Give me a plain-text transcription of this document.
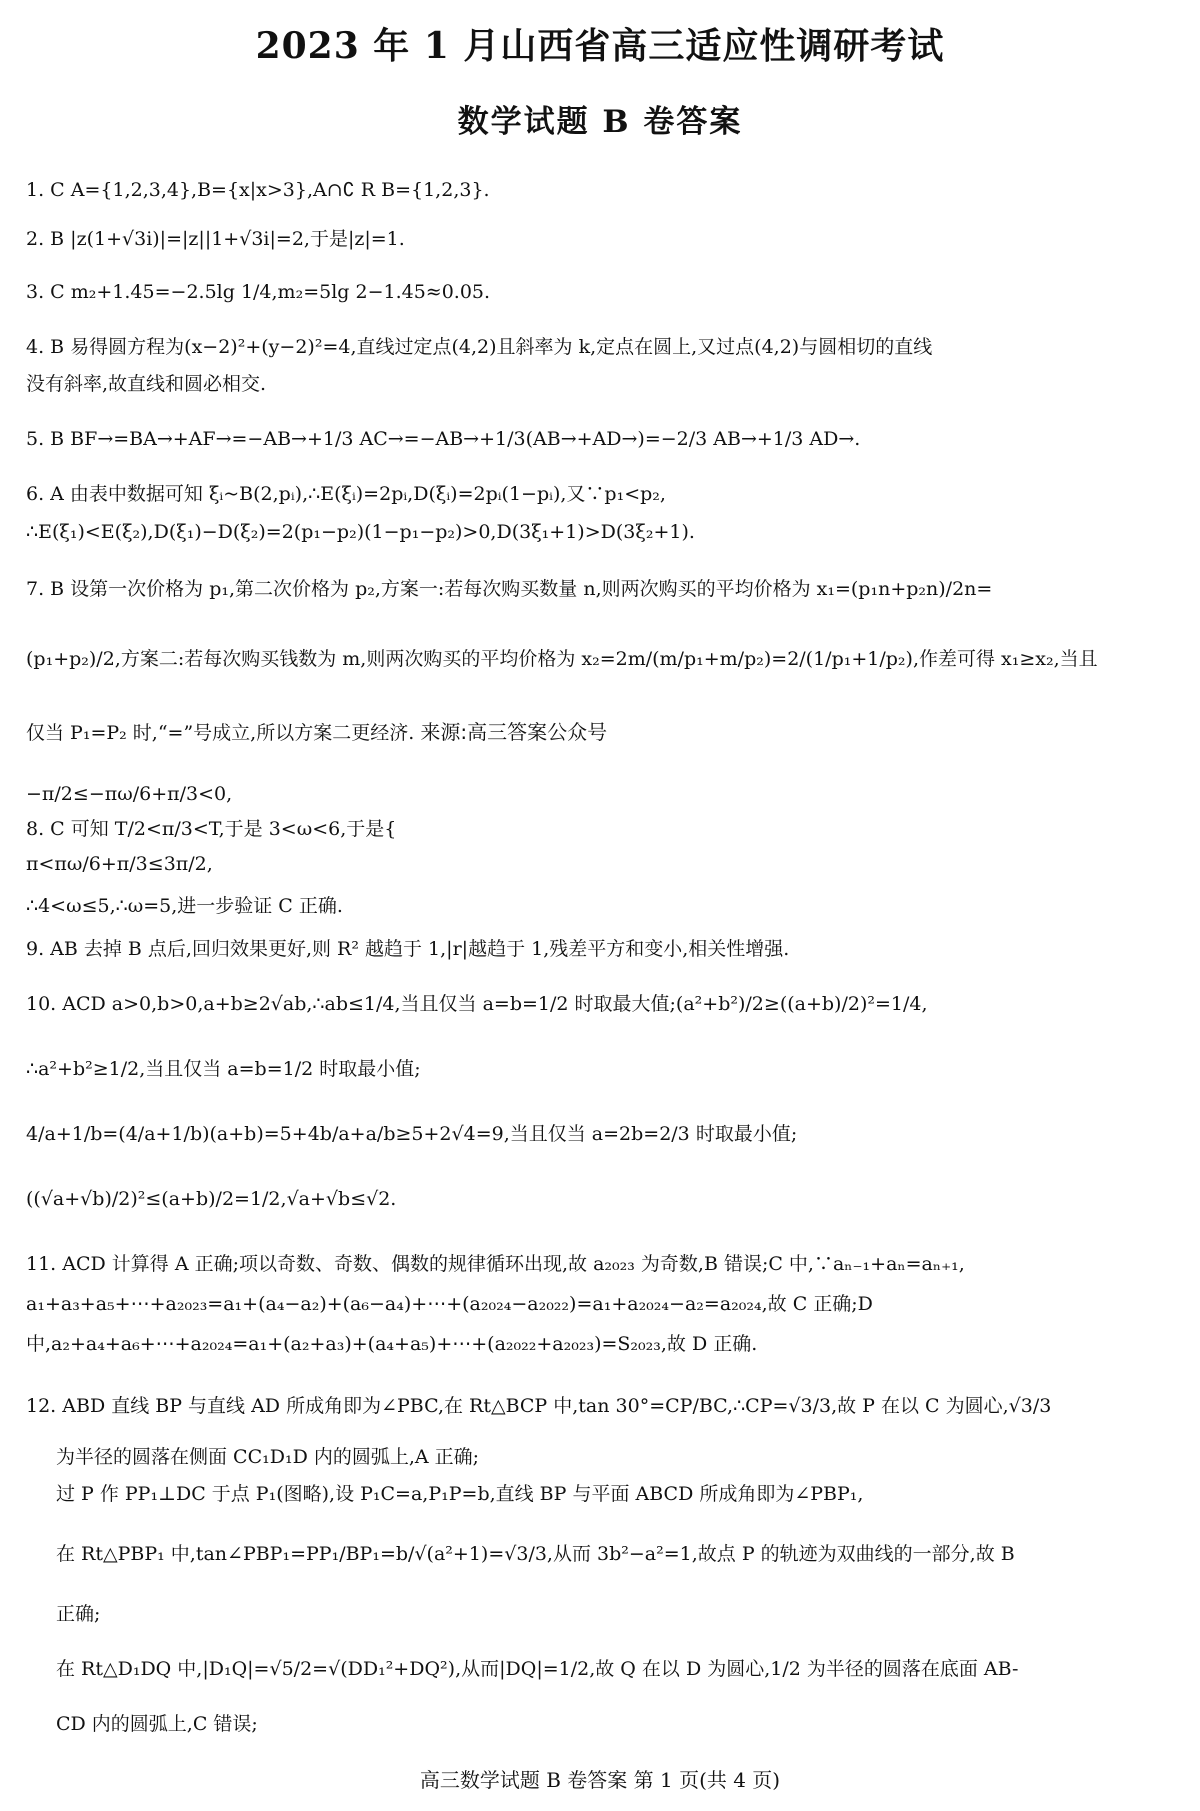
2023 年 1 月山西省高三适应性调研考试
数学试题 B 卷答案
1. C A={1,2,3,4},B={x|x>3},A∩∁ R B={1,2,3}.
2. B |z(1+√3i)|=|z||1+√3i|=2,于是|z|=1.
3. C m₂+1.45=−2.5lg 1/4,m₂=5lg 2−1.45≈0.05.
4. B 易得圆方程为(x−2)²+(y−2)²=4,直线过定点(4,2)且斜率为 k,定点在圆上,又过点(4,2)与圆相切的直线
没有斜率,故直线和圆必相交.
5. B BF→=BA→+AF→=−AB→+1/3 AC→=−AB→+1/3(AB→+AD→)=−2/3 AB→+1/3 AD→.
6. A 由表中数据可知 ξᵢ~B(2,pᵢ),∴E(ξᵢ)=2pᵢ,D(ξᵢ)=2pᵢ(1−pᵢ),又∵p₁<p₂,
∴E(ξ₁)<E(ξ₂),D(ξ₁)−D(ξ₂)=2(p₁−p₂)(1−p₁−p₂)>0,D(3ξ₁+1)>D(3ξ₂+1).
7. B 设第一次价格为 p₁,第二次价格为 p₂,方案一:若每次购买数量 n,则两次购买的平均价格为 x₁=(p₁n+p₂n)/2n=
(p₁+p₂)/2,方案二:若每次购买钱数为 m,则两次购买的平均价格为 x₂=2m/(m/p₁+m/p₂)=2/(1/p₁+1/p₂),作差可得 x₁≥x₂,当且
仅当 P₁=P₂ 时,“=”号成立,所以方案二更经济. 来源:高三答案公众号
−π/2≤−πω/6+π/3<0,
8. C 可知 T/2<π/3<T,于是 3<ω<6,于是{
π<πω/6+π/3≤3π/2,
∴4<ω≤5,∴ω=5,进一步验证 C 正确.
9. AB 去掉 B 点后,回归效果更好,则 R² 越趋于 1,|r|越趋于 1,残差平方和变小,相关性增强.
10. ACD a>0,b>0,a+b≥2√ab,∴ab≤1/4,当且仅当 a=b=1/2 时取最大值;(a²+b²)/2≥((a+b)/2)²=1/4,
∴a²+b²≥1/2,当且仅当 a=b=1/2 时取最小值;
4/a+1/b=(4/a+1/b)(a+b)=5+4b/a+a/b≥5+2√4=9,当且仅当 a=2b=2/3 时取最小值;
((√a+√b)/2)²≤(a+b)/2=1/2,√a+√b≤√2.
11. ACD 计算得 A 正确;项以奇数、奇数、偶数的规律循环出现,故 a₂₀₂₃ 为奇数,B 错误;C 中,∵aₙ₋₁+aₙ=aₙ₊₁,
a₁+a₃+a₅+⋯+a₂₀₂₃=a₁+(a₄−a₂)+(a₆−a₄)+⋯+(a₂₀₂₄−a₂₀₂₂)=a₁+a₂₀₂₄−a₂=a₂₀₂₄,故 C 正确;D
中,a₂+a₄+a₆+⋯+a₂₀₂₄=a₁+(a₂+a₃)+(a₄+a₅)+⋯+(a₂₀₂₂+a₂₀₂₃)=S₂₀₂₃,故 D 正确.
12. ABD 直线 BP 与直线 AD 所成角即为∠PBC,在 Rt△BCP 中,tan 30°=CP/BC,∴CP=√3/3,故 P 在以 C 为圆心,√3/3
为半径的圆落在侧面 CC₁D₁D 内的圆弧上,A 正确;
过 P 作 PP₁⊥DC 于点 P₁(图略),设 P₁C=a,P₁P=b,直线 BP 与平面 ABCD 所成角即为∠PBP₁,
在 Rt△PBP₁ 中,tan∠PBP₁=PP₁/BP₁=b/√(a²+1)=√3/3,从而 3b²−a²=1,故点 P 的轨迹为双曲线的一部分,故 B
正确;
在 Rt△D₁DQ 中,|D₁Q|=√5/2=√(DD₁²+DQ²),从而|DQ|=1/2,故 Q 在以 D 为圆心,1/2 为半径的圆落在底面 AB-
CD 内的圆弧上,C 错误;
高三数学试题 B 卷答案 第 1 页(共 4 页)
